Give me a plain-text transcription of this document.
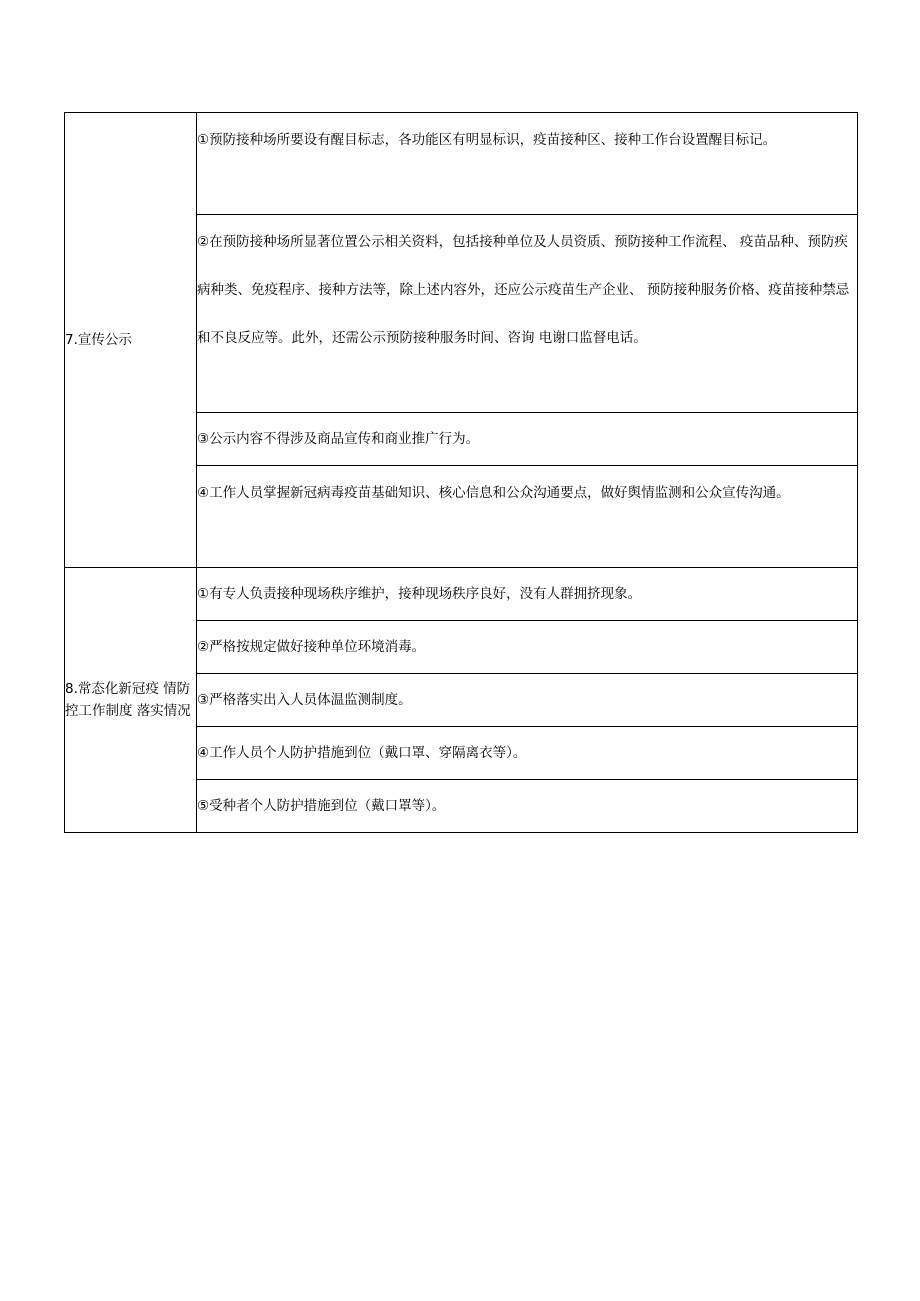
7.宣传公示	①预防接种场所要设有醒目标志，各功能区有明显标识，疫苗接种区、接种工作台设置醒目标记。

	②在预防接种场所显著位置公示相关资料，包括接种单位及人员资质、预防接种工作流程、 疫苗品种、预防疾病种类、免疫程序、接种方法等，除上述内容外，还应公示疫苗生产企业、 预防接种服务价格、疫苗接种禁忌和不良反应等。此外，还需公示预防接种服务时间、咨询 电谢口监督电话。

	③公示内容不得涉及商品宣传和商业推广行为。

	④工作人员掌握新冠病毒疫苗基础知识、核心信息和公众沟通要点，做好舆情监测和公众宣传沟通。

8.常态化新冠疫 情防控工作制度 落实情况	①有专人负责接种现场秩序维护，接种现场秩序良好，没有人群拥挤现象。

	②严格按规定做好接种单位环境消毒。

	③严格落实出入人员体温监测制度。

	④工作人员个人防护措施到位（戴口罩、穿隔离衣等）。

	⑤受种者个人防护措施到位（戴口罩等）。
